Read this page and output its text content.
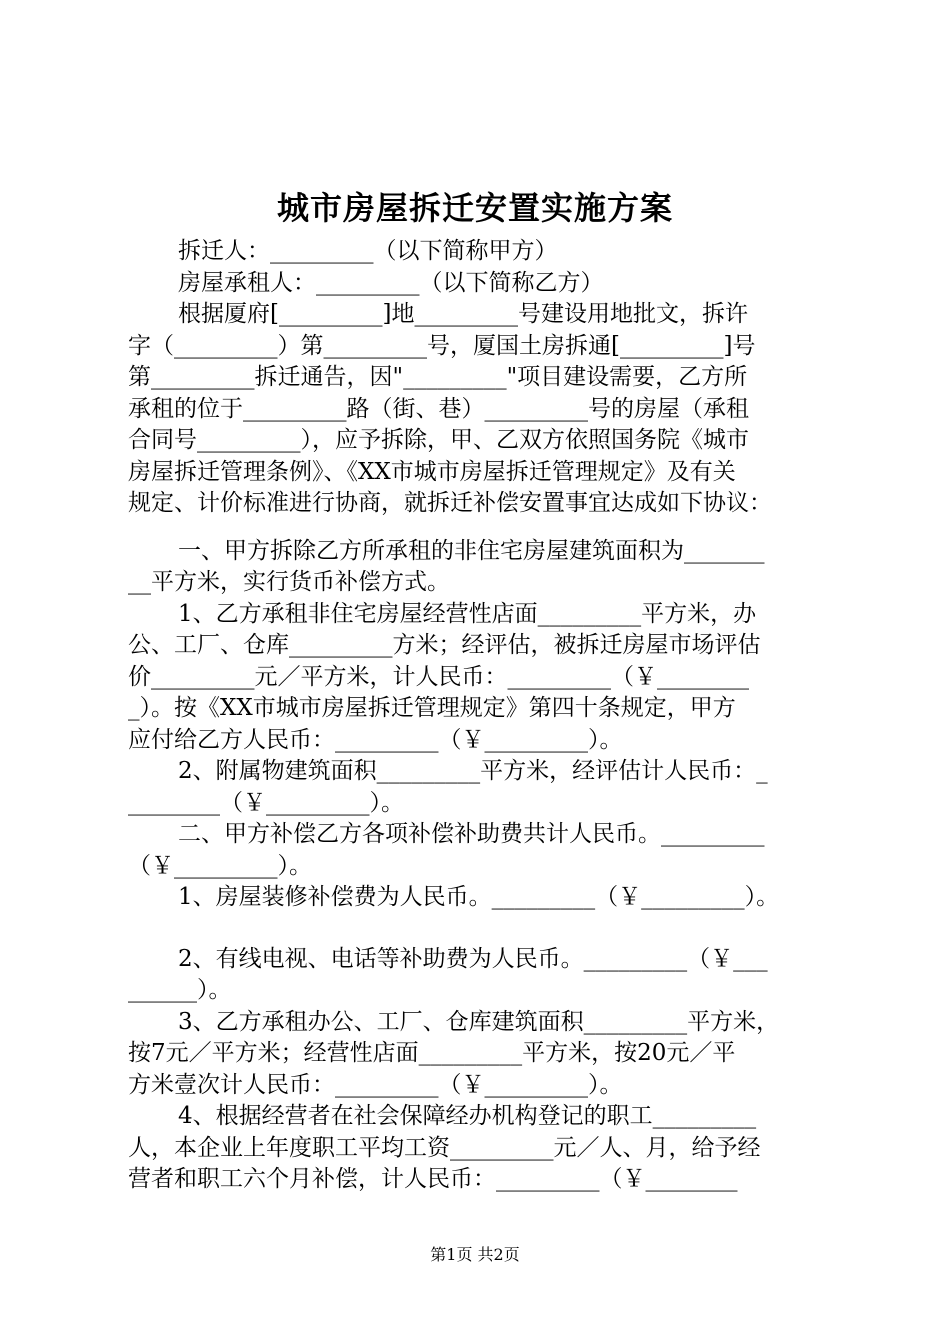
城市房屋拆迁安置实施方案
拆迁人：_________（以下简称甲方）
房屋承租人：_________（以下简称乙方）
根据厦府[_________]地_________号建设用地批文，拆许
字（_________）第_________号，厦国土房拆通[_________]号
第_________拆迁通告，因"_________"项目建设需要，乙方所
承租的位于_________路（街、巷）_________号的房屋（承租
合同号_________），应予拆除，甲、乙双方依照国务院《城市
房屋拆迁管理条例》、《XX市城市房屋拆迁管理规定》及有关
规定、计价标准进行协商，就拆迁补偿安置事宜达成如下协议：
一、甲方拆除乙方所承租的非住宅房屋建筑面积为_______
__平方米，实行货币补偿方式。
1、乙方承租非住宅房屋经营性店面_________平方米，办
公、工厂、仓库_________方米；经评估，被拆迁房屋市场评估
价_________元／平方米，计人民币：_________（￥________
_）。按《XX市城市房屋拆迁管理规定》第四十条规定，甲方
应付给乙方人民币：_________（￥_________）。
2、附属物建筑面积_________平方米，经评估计人民币：_
________（￥_________）。
二、甲方补偿乙方各项补偿补助费共计人民币。_________
（￥_________）。
1、房屋装修补偿费为人民币。_________（￥_________）。
2、有线电视、电话等补助费为人民币。_________（￥___
______）。
3、乙方承租办公、工厂、仓库建筑面积_________平方米，
按7元／平方米；经营性店面_________平方米，按20元／平
方米壹次计人民币：_________（￥_________）。
4、根据经营者在社会保障经办机构登记的职工_________
人，本企业上年度职工平均工资_________元／人、月，给予经
营者和职工六个月补偿，计人民币：_________（￥________
第1页 共2页
